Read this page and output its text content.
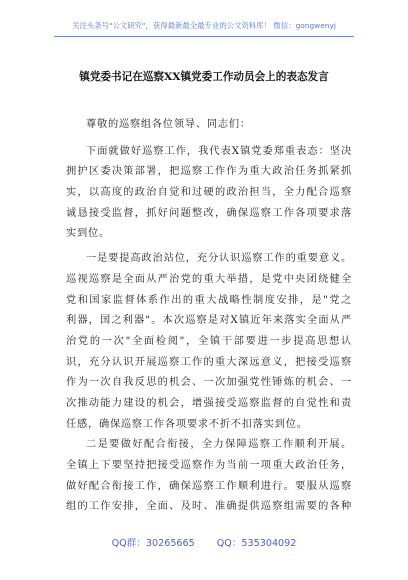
关注头条号"公文研究"，获得最新最全最专业的公文资料库！ 微信：gongwenyj
镇党委书记在巡察XX镇党委工作动员会上的表态发言
尊敬的巡察组各位领导、同志们：
下面就做好巡察工作，我代表X镇党委郑重表态：坚决
拥护区委决策部署，把巡察工作作为重大政治任务抓紧抓
实，以高度的政治自觉和过硬的政治担当，全力配合巡察
诚恳接受监督，抓好问题整改，确保巡察工作各项要求落
实到位。
一是要提高政治站位，充分认识巡察工作的重要意义。
巡视巡察是全面从严治党的重大举措，是党中央团绕健全
党和国家监督体系作出的重大战略性制度安排，是"党之
利器，国之利器"。本次巡察是对X镇近年来落实全面从严
治党的一次"全面检阅"，全镇干部要进一步提高思想认
识，充分认识开展巡察工作的重大深远意义，把接受巡察
作为一次自我反思的机会、一次加强党性锤炼的机会、一
次推动能力建设的机会，增强接受巡察监督的自觉性和责
任感，确保巡察工作各项要求不折不扣落实到位。
二是要做好配合衔接，全力保障巡察工作顺利开展。
全镇上下要坚持把接受巡察作为当前一项重大政治任务，
做好配合衔接工作，确保巡察工作顺利进行。要服从巡察
组的工作安排，全面、及时、准确提供巡察组需要的各种
QQ群：30265665 QQ：535304092
